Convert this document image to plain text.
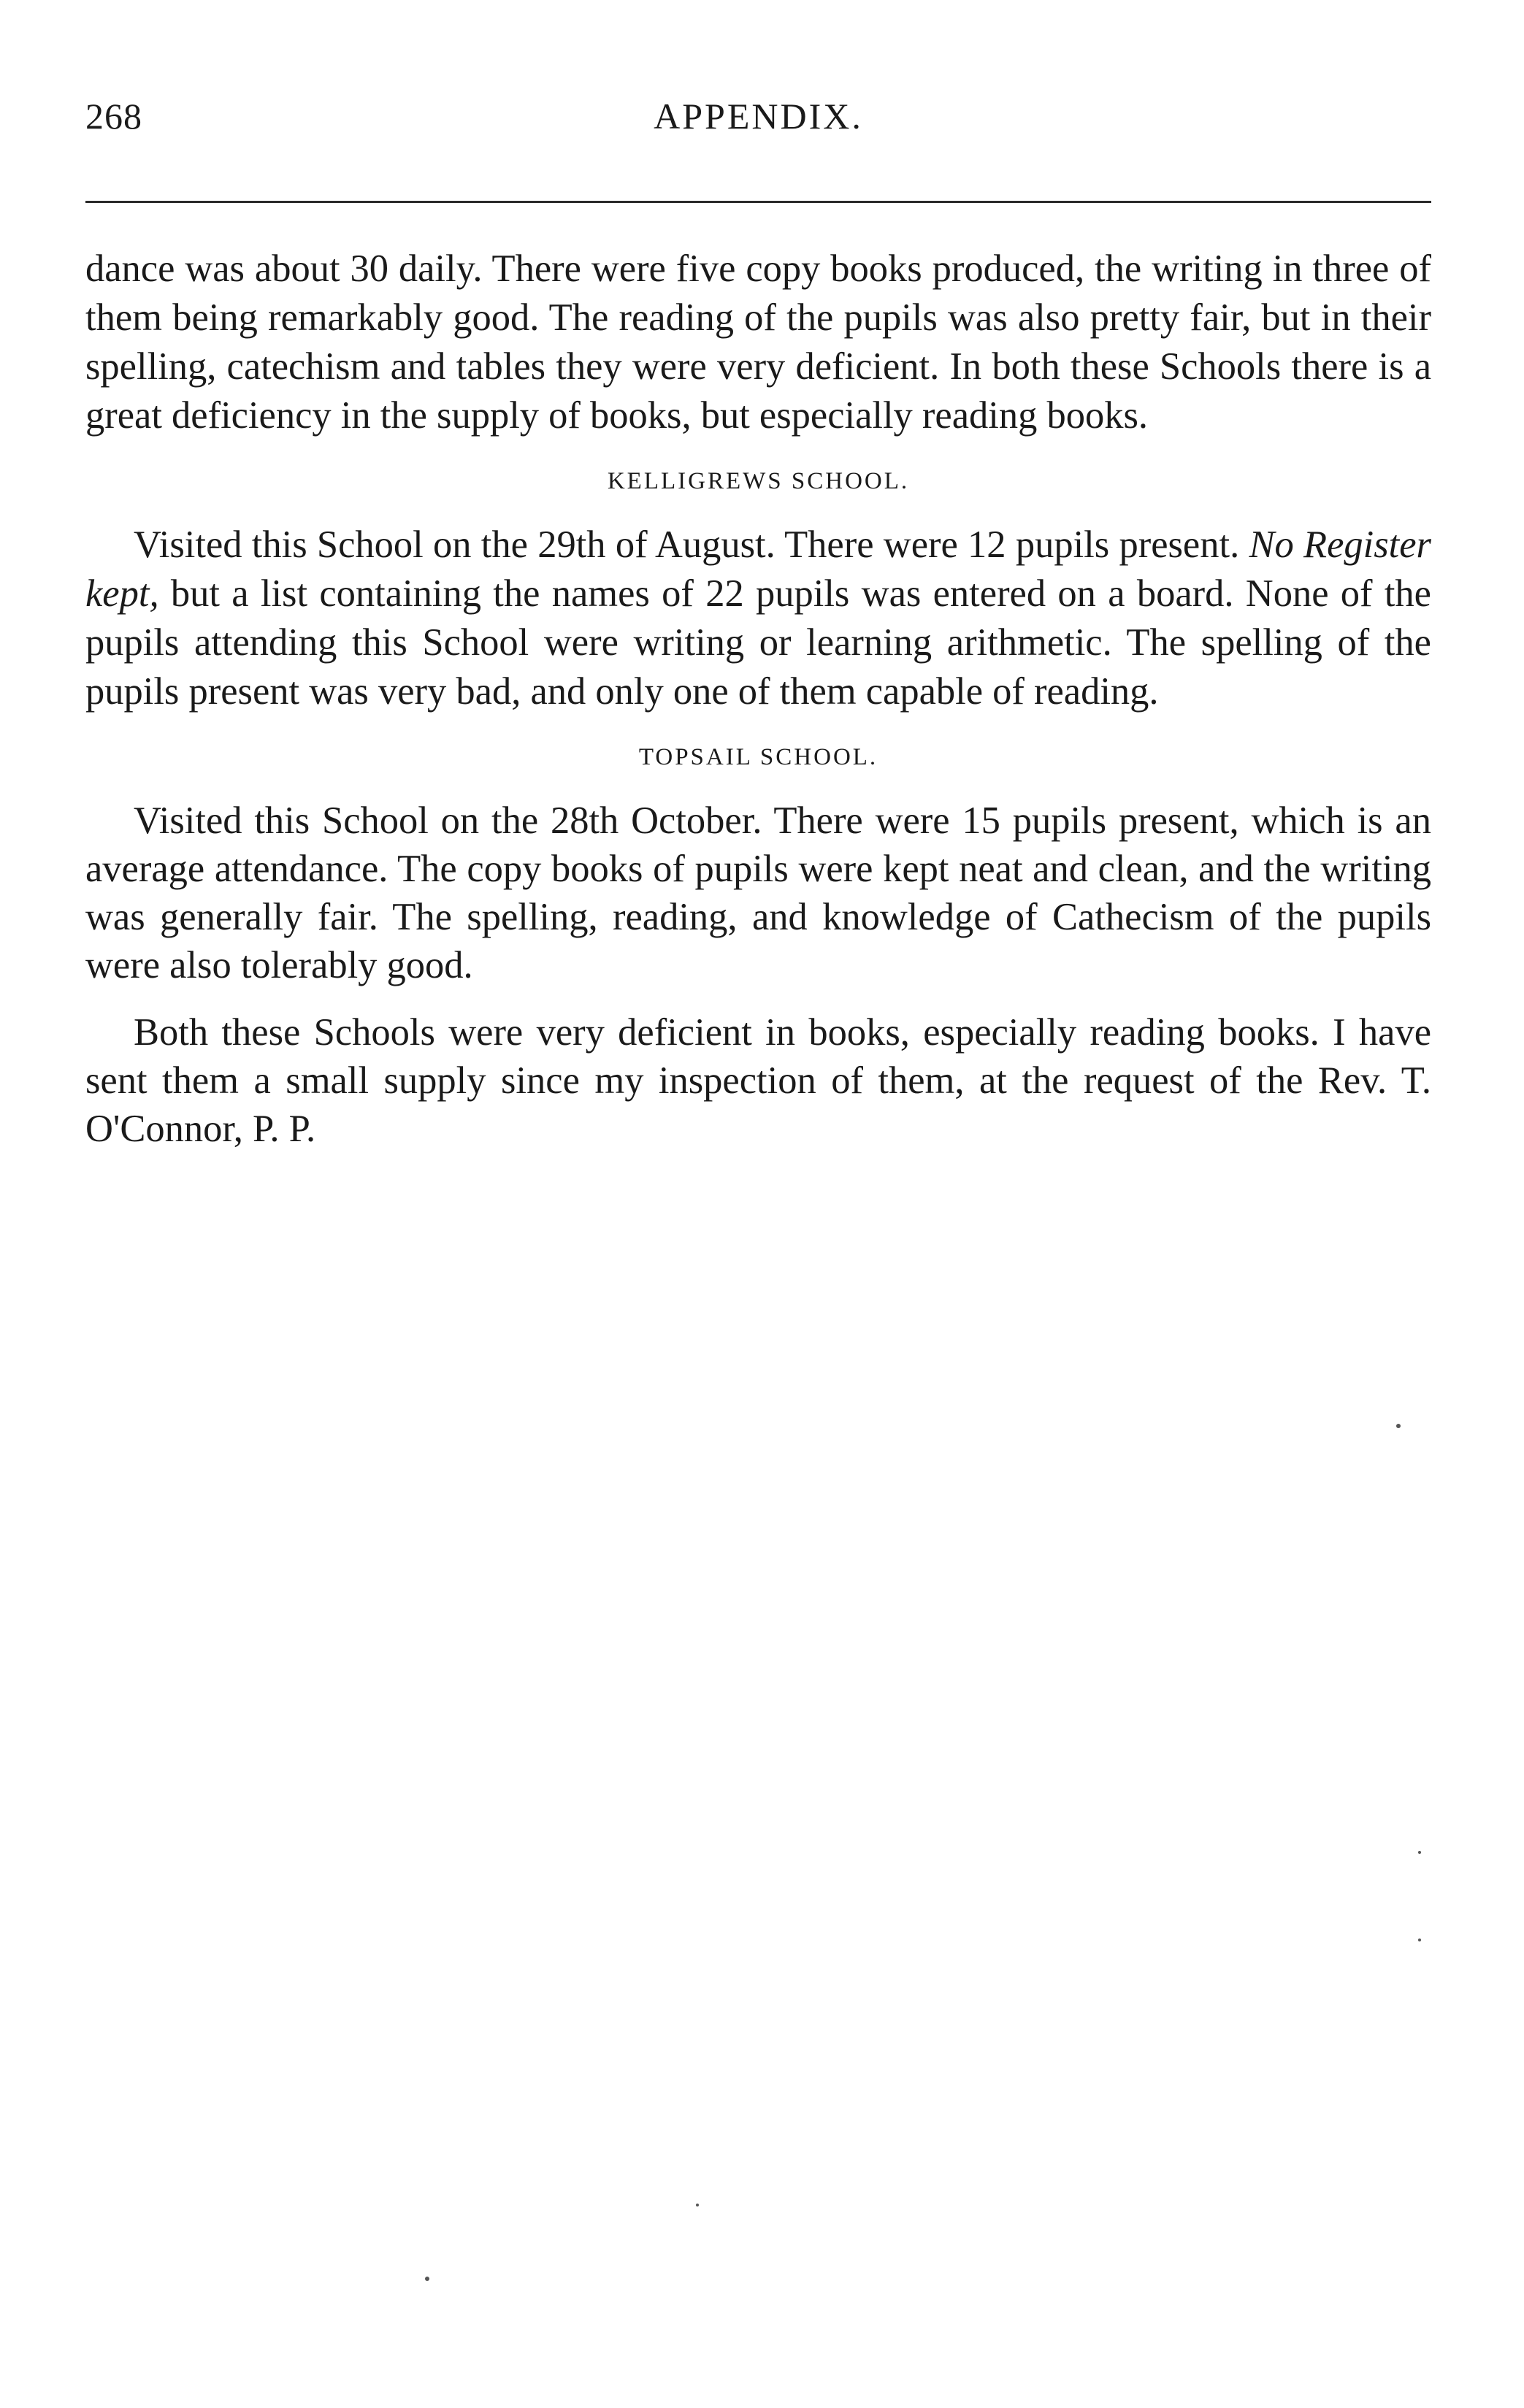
268	APPENDIX.

dance was about 30 daily. There were five copy books produced, the writing in three of them being remarkably good. The reading of the pupils was also pretty fair, but in their spelling, catechism and tables they were very deficient. In both these Schools there is a great deficiency in the supply of books, but especially reading books.

KELLIGREWS SCHOOL.

Visited this School on the 29th of August. There were 12 pupils present. No Register kept, but a list containing the names of 22 pupils was entered on a board. None of the pupils attending this School were writing or learning arithmetic. The spelling of the pupils present was very bad, and only one of them capable of reading.

TOPSAIL SCHOOL.

Visited this School on the 28th October. There were 15 pupils present, which is an average attendance. The copy books of pupils were kept neat and clean, and the writing was generally fair. The spelling, reading, and knowledge of Cathecism of the pupils were also tolerably good.

Both these Schools were very deficient in books, especially reading books. I have sent them a small supply since my inspection of them, at the request of the Rev. T. O'Connor, P. P.
